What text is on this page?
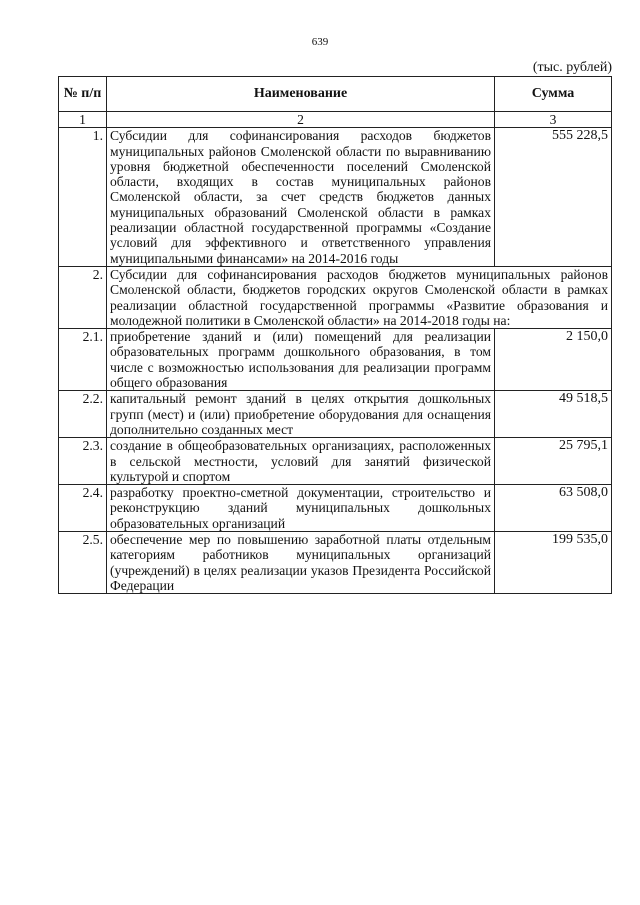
639
(тыс. рублей)
№ п/п	Наименование	Сумма
1	2	3
1.	Субсидии для софинансирования расходов бюджетов муниципальных районов Смоленской области по выравниванию уровня бюджетной обеспеченности поселений Смоленской области, входящих в состав муниципальных районов Смоленской области, за счет средств бюджетов данных муниципальных образований Смоленской области в рамках реализации областной государственной программы «Создание условий для эффективного и ответственного управления муниципальными финансами» на 2014-2016 годы	555 228,5
2.	Субсидии для софинансирования расходов бюджетов муниципальных районов Смоленской области, бюджетов городских округов Смоленской области в рамках реализации областной государственной программы «Развитие образования и молодежной политики в Смоленской области» на 2014-2018 годы на:	
2.1.	приобретение зданий и (или) помещений для реализации образовательных программ дошкольного образования, в том числе с возможностью использования для реализации программ общего образования	2 150,0
2.2.	капитальный ремонт зданий в целях открытия дошкольных групп (мест) и (или) приобретение оборудования для оснащения дополнительно созданных мест	49 518,5
2.3.	создание в общеобразовательных организациях, расположенных в сельской местности, условий для занятий физической культурой и спортом	25 795,1
2.4.	разработку проектно-сметной документации, строительство и реконструкцию зданий муниципальных дошкольных образовательных организаций	63 508,0
2.5.	обеспечение мер по повышению заработной платы отдельным категориям работников муниципальных организаций (учреждений) в целях реализации указов Президента Российской Федерации	199 535,0
